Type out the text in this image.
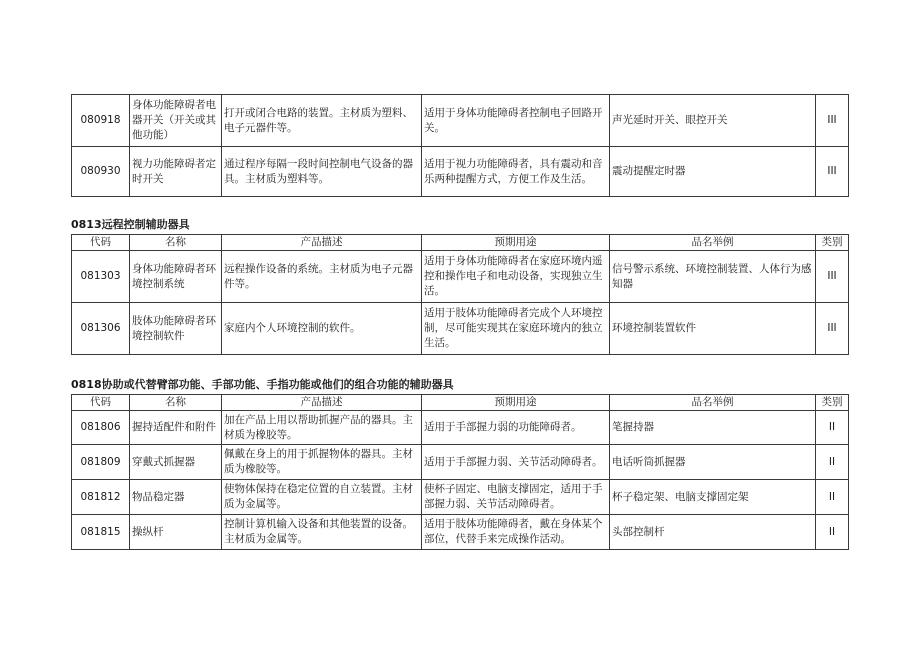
080918	身体功能障碍者电器开关（开关或其他功能）	打开或闭合电路的装置。主材质为塑料、电子元器件等。	适用于身体功能障碍者控制电子回路开关。	声光延时开关、眼控开关	III
080930	视力功能障碍者定时开关	通过程序每隔一段时间控制电气设备的器具。主材质为塑料等。	适用于视力功能障碍者，具有震动和音乐两种提醒方式，方便工作及生活。	震动提醒定时器	III
0813远程控制辅助器具
代码	名称	产品描述	预期用途	品名举例	类别
081303	身体功能障碍者环境控制系统	远程操作设备的系统。主材质为电子元器件等。	适用于身体功能障碍者在家庭环境内遥控和操作电子和电动设备，实现独立生活。	信号警示系统、环境控制装置、人体行为感知器	III
081306	肢体功能障碍者环境控制软件	家庭内个人环境控制的软件。	适用于肢体功能障碍者完成个人环境控制，尽可能实现其在家庭环境内的独立生活。	环境控制装置软件	III
0818协助或代替臂部功能、手部功能、手指功能或他们的组合功能的辅助器具
代码	名称	产品描述	预期用途	品名举例	类别
081806	握持适配件和附件	加在产品上用以帮助抓握产品的器具。主材质为橡胶等。	适用于手部握力弱的功能障碍者。	笔握持器	II
081809	穿戴式抓握器	佩戴在身上的用于抓握物体的器具。主材质为橡胶等。	适用于手部握力弱、关节活动障碍者。	电话听筒抓握器	II
081812	物品稳定器	使物体保持在稳定位置的自立装置。主材质为金属等。	使杯子固定、电脑支撑固定，适用于手部握力弱、关节活动障碍者。	杯子稳定架、电脑支撑固定架	II
081815	操纵杆	控制计算机输入设备和其他装置的设备。主材质为金属等。	适用于肢体功能障碍者，戴在身体某个部位，代替手来完成操作活动。	头部控制杆	II
